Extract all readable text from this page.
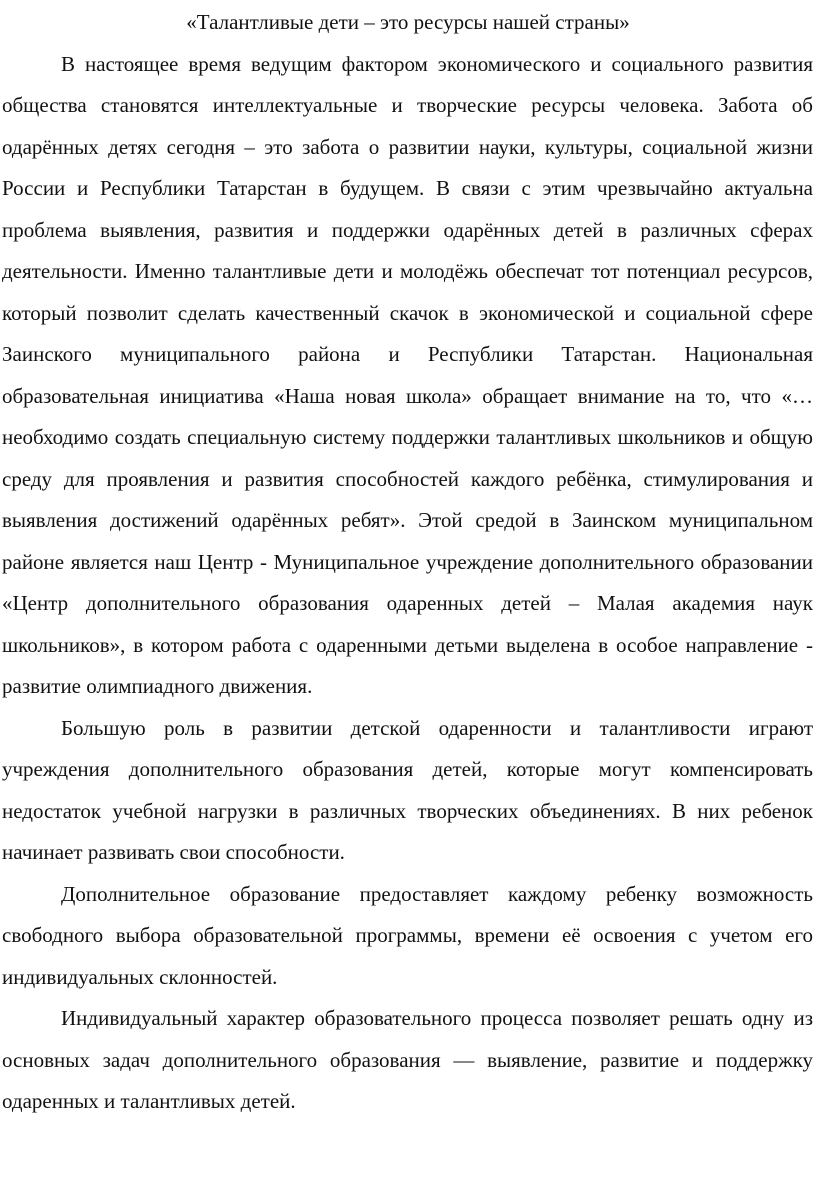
«Талантливые дети – это ресурсы нашей страны»

В настоящее время ведущим фактором экономического и социального развития общества становятся интеллектуальные и творческие ресурсы человека. Забота об одарённых детях сегодня – это забота о развитии науки, культуры, социальной жизни России и Республики Татарстан в будущем. В связи с этим чрезвычайно актуальна проблема выявления, развития и поддержки одарённых детей в различных сферах деятельности. Именно талантливые дети и молодёжь обеспечат тот потенциал ресурсов, который позволит сделать качественный скачок в экономической и социальной сфере Заинского муниципального района и Республики Татарстан. Национальная образовательная инициатива «Наша новая школа» обращает внимание на то, что «…необходимо создать специальную систему поддержки талантливых школьников и общую среду для проявления и развития способностей каждого ребёнка, стимулирования и выявления достижений одарённых ребят». Этой средой в Заинском муниципальном районе является наш Центр - Муниципальное учреждение дополнительного образовании «Центр дополнительного образования одаренных детей – Малая академия наук школьников», в котором работа с одаренными детьми выделена в особое направление - развитие олимпиадного движения.

Большую роль в развитии детской одаренности и талантливости играют учреждения дополнительного образования детей, которые могут компенсировать недостаток учебной нагрузки в различных творческих объединениях. В них ребенок начинает развивать свои способности.

Дополнительное образование предоставляет каждому ребенку возможность свободного выбора образовательной программы, времени её освоения с учетом его индивидуальных склонностей.

Индивидуальный характер образовательного процесса позволяет решать одну из основных задач дополнительного образования — выявление, развитие и поддержку одаренных и талантливых детей.
